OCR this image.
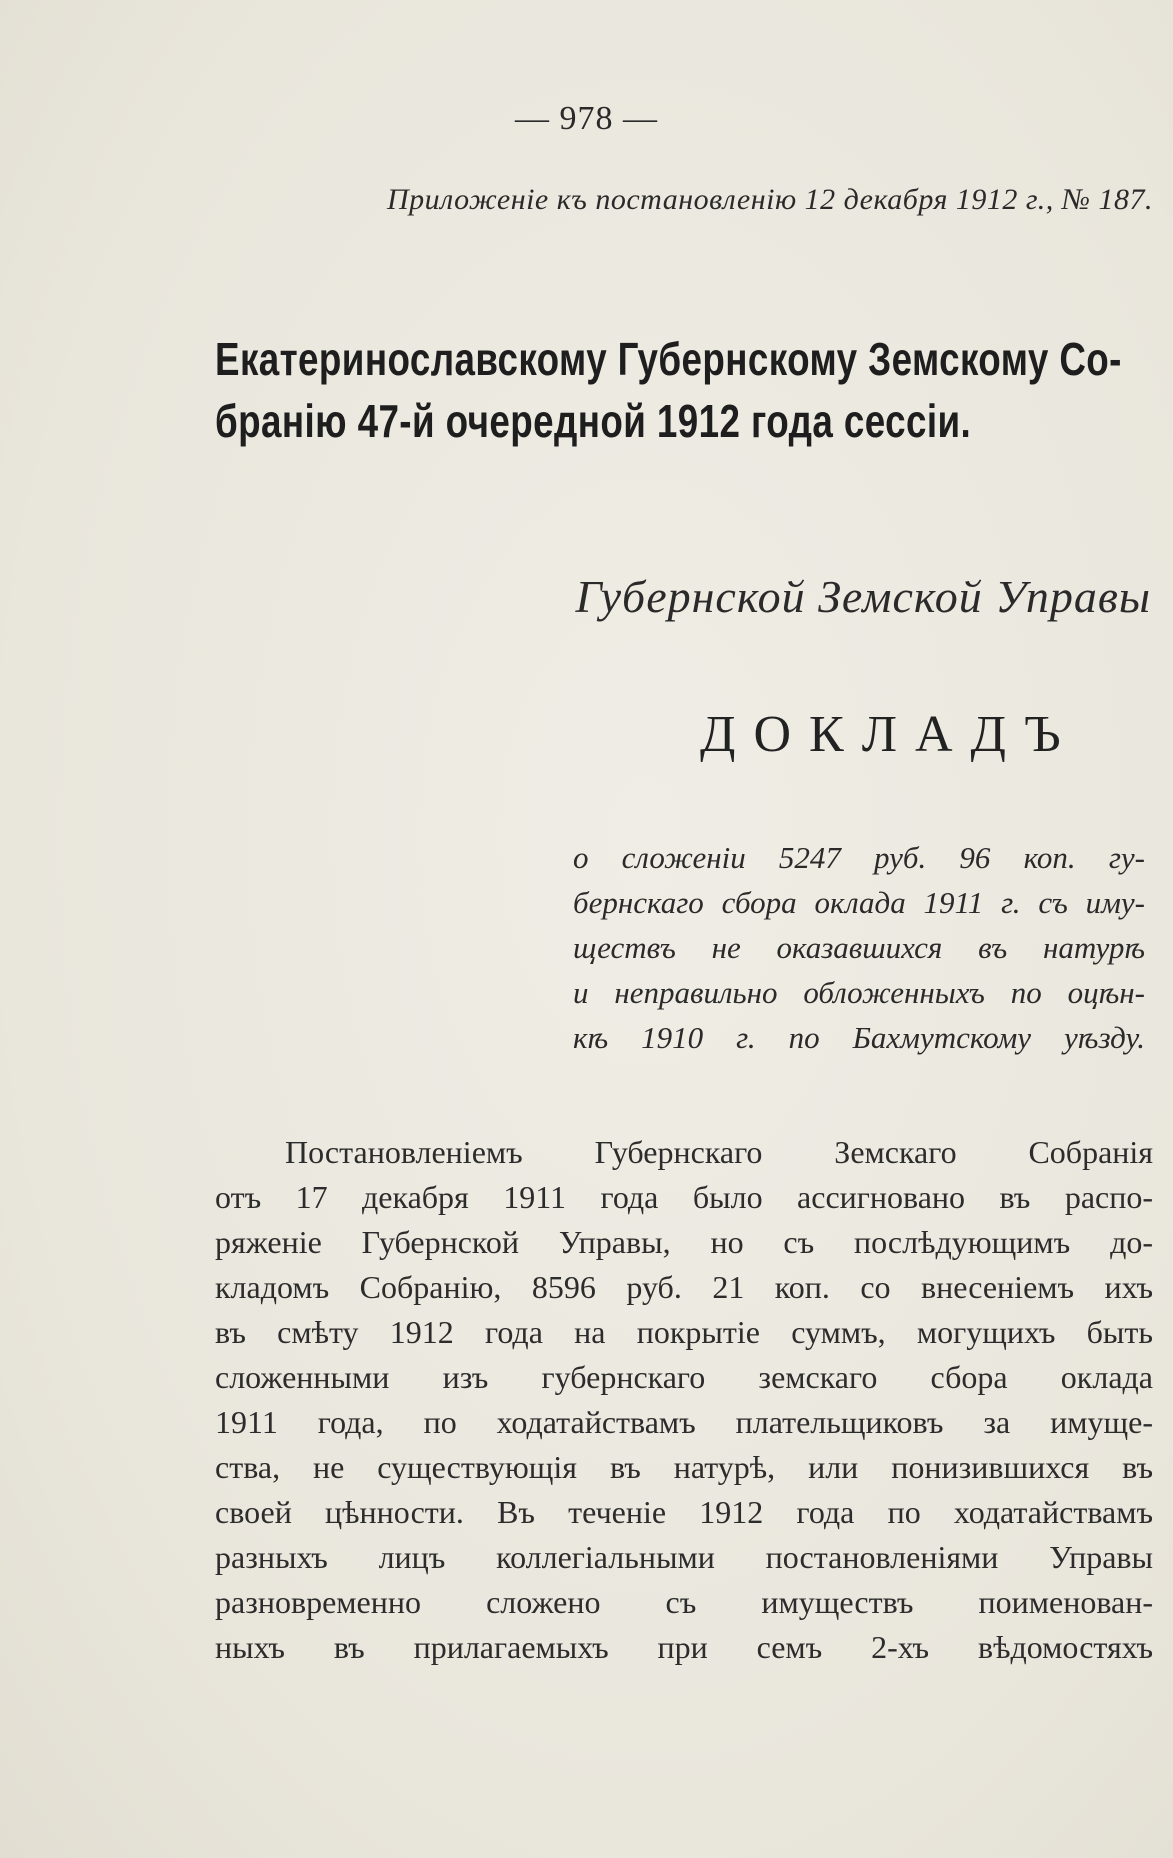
— 978 —
Приложеніе къ постановленію 12 декабря 1912 г., № 187.
Екатеринославскому Губернскому Земскому Со-
бранію 47-й очередной 1912 года сессіи.
Губернской Земской Управы
ДОКЛАДЪ
о сложеніи 5247 руб. 96 коп. гу-
бернскаго сбора оклада 1911 г. съ иму-
ществъ не оказавшихся въ натурѣ
и неправильно обложенныхъ по оцѣн-
кѣ 1910 г. по Бахмутскому уѣзду.
Постановленіемъ Губернскаго Земскаго Собранія
отъ 17 декабря 1911 года было ассигновано въ распо-
ряженіе Губернской Управы, но съ послѣдующимъ до-
кладомъ Собранію, 8596 руб. 21 коп. со внесеніемъ ихъ
въ смѣту 1912 года на покрытіе суммъ, могущихъ быть
сложенными изъ губернскаго земскаго сбора оклада
1911 года, по ходатайствамъ плательщиковъ за имуще-
ства, не существующія въ натурѣ, или понизившихся въ
своей цѣнности. Въ теченіе 1912 года по ходатайствамъ
разныхъ лицъ коллегіальными постановленіями Управы
разновременно сложено съ имуществъ поименован-
ныхъ въ прилагаемыхъ при семъ 2-хъ вѣдомостяхъ
